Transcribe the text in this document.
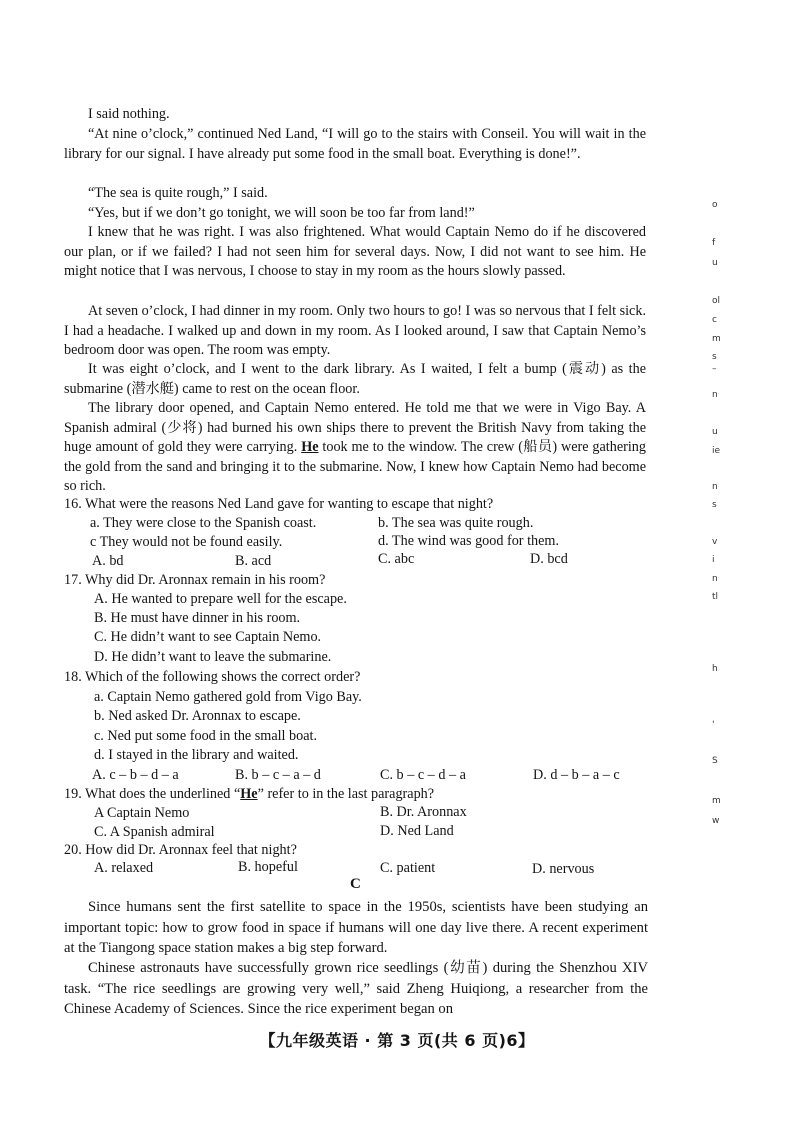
I said nothing.

“At nine o’clock,” continued Ned Land, “I will go to the stairs with Conseil. You will wait in the library for our signal. I have already put some food in the small boat. Everything is done!”.

“The sea is quite rough,” I said.

“Yes, but if we don’t go tonight, we will soon be too far from land!”

I knew that he was right. I was also frightened. What would Captain Nemo do if he discovered our plan, or if we failed? I had not seen him for several days. Now, I did not want to see him. He might notice that I was nervous, I choose to stay in my room as the hours slowly passed.

At seven o’clock, I had dinner in my room. Only two hours to go! I was so nervous that I felt sick. I had a headache. I walked up and down in my room. As I looked around, I saw that Captain Nemo’s bedroom door was open. The room was empty.

It was eight o’clock, and I went to the dark library. As I waited, I felt a bump (震动) as the submarine (潜水艇) came to rest on the ocean floor.

The library door opened, and Captain Nemo entered. He told me that we were in Vigo Bay. A Spanish admiral (少将) had burned his own ships there to prevent the British Navy from taking the huge amount of gold they were carrying. He took me to the window. The crew (船员) were gathering the gold from the sand and bringing it to the submarine. Now, I knew how Captain Nemo had become so rich.

16. What were the reasons Ned Land gave for wanting to escape that night?
a. They were close to the Spanish coast.	b. The sea was quite rough.
c They would not be found easily.	d. The wind was good for them.
A. bd	B. acd	C. abc	D. bcd
17. Why did Dr. Aronnax remain in his room?
A. He wanted to prepare well for the escape.
B. He must have dinner in his room.
C. He didn’t want to see Captain Nemo.
D. He didn’t want to leave the submarine.
18. Which of the following shows the correct order?
a. Captain Nemo gathered gold from Vigo Bay.
b. Ned asked Dr. Aronnax to escape.
c. Ned put some food in the small boat.
d. I stayed in the library and waited.
A. c – b – d – a	B. b – c – a – d	C. b – c – d – a	D. d – b – a – c
19. What does the underlined “He” refer to in the last paragraph?
A Captain Nemo	B. Dr. Aronnax
C. A Spanish admiral	D. Ned Land
20. How did Dr. Aronnax feel that night?
A. relaxed	B. hopeful	C. patient	D. nervous
C

Since humans sent the first satellite to space in the 1950s, scientists have been studying an important topic: how to grow food in space if humans will one day live there. A recent experiment at the Tiangong space station makes a big step forward.

Chinese astronauts have successfully grown rice seedlings (幼苗) during the Shenzhou XIV task. “The rice seedlings are growing very well,” said Zheng Huiqiong, a researcher from the Chinese Academy of Sciences. Since the rice experiment began on

【九年级英语 · 第 3 页(共 6 页)6】
o
f
u
ol
c
m
s
–
n
u
ie
n
s
v
i
n
tl
h
'
S
m
w
